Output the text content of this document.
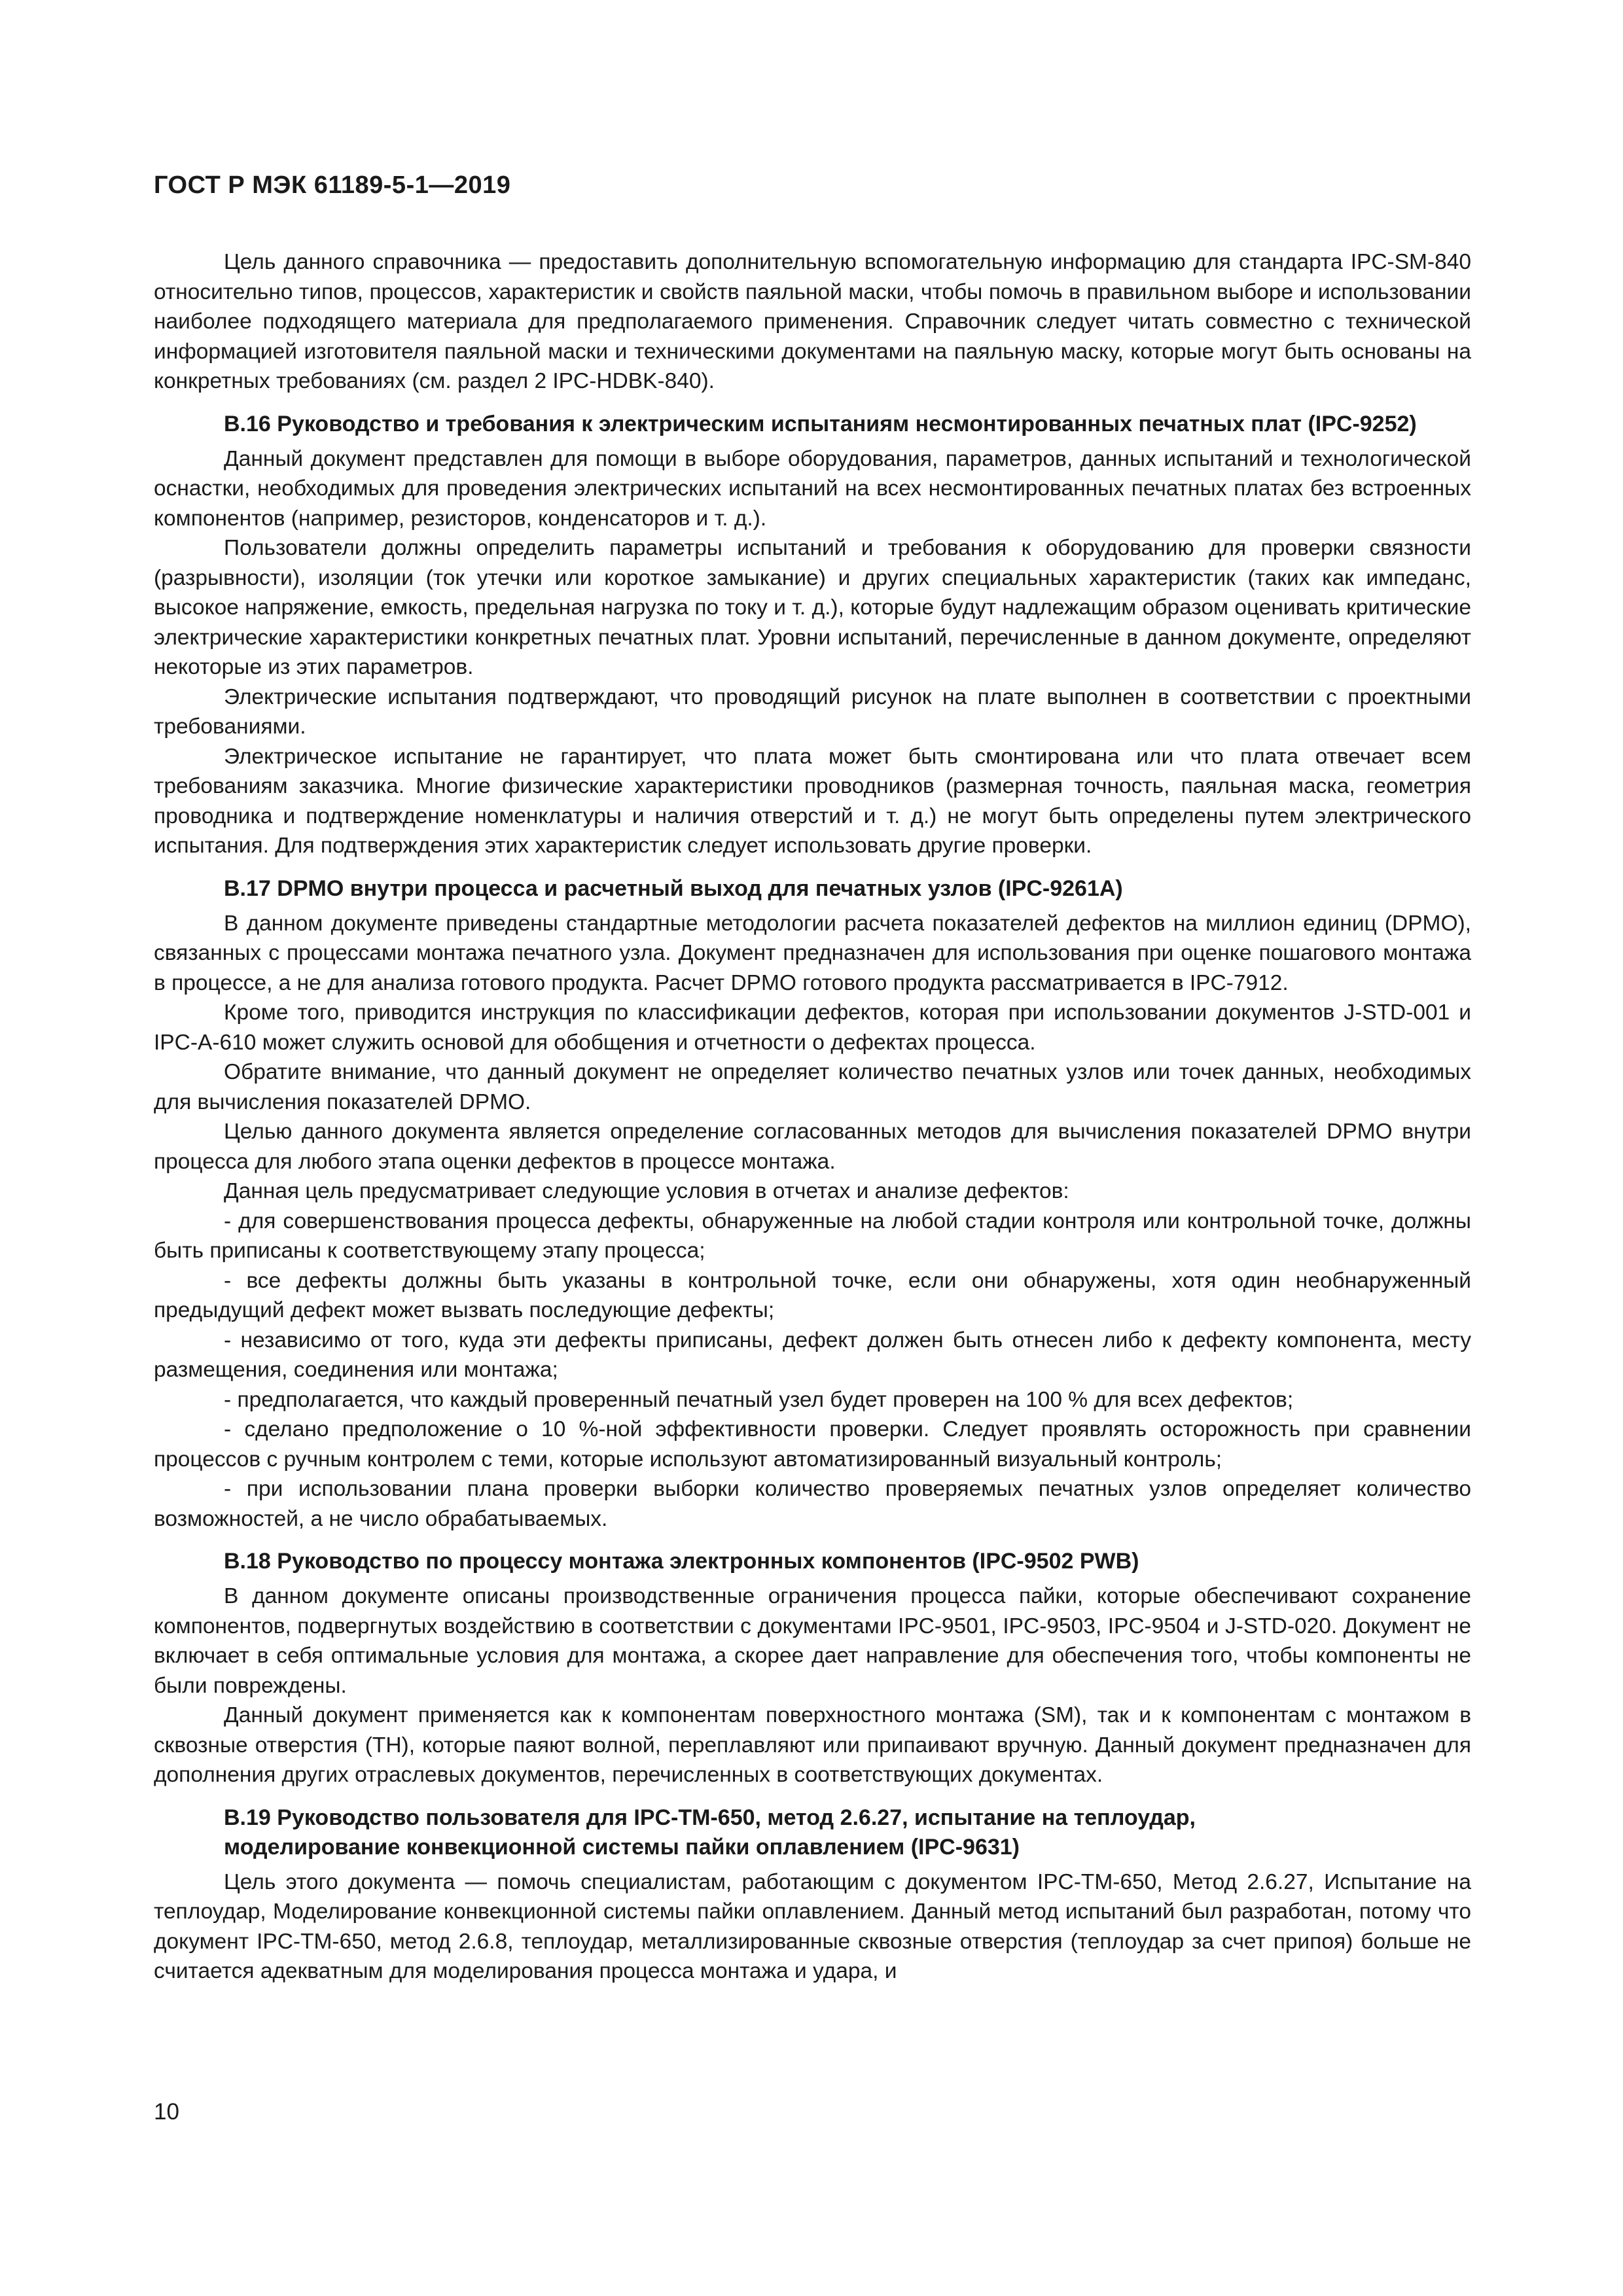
ГОСТ Р МЭК 61189-5-1—2019

Цель данного справочника — предоставить дополнительную вспомогательную информацию для стандарта IPC-SM-840 относительно типов, процессов, характеристик и свойств паяльной маски, чтобы помочь в правильном выборе и использовании наиболее подходящего материала для предполагаемого применения. Справочник следует читать совместно с технической информацией изготовителя паяльной маски и техническими документами на паяльную маску, которые могут быть основаны на конкретных требованиях (см. раздел 2 IPC-HDBK-840).

B.16 Руководство и требования к электрическим испытаниям несмонтированных печатных плат (IPC-9252)

Данный документ представлен для помощи в выборе оборудования, параметров, данных испытаний и технологической оснастки, необходимых для проведения электрических испытаний на всех несмонтированных печатных платах без встроенных компонентов (например, резисторов, конденсаторов и т. д.).

Пользователи должны определить параметры испытаний и требования к оборудованию для проверки связности (разрывности), изоляции (ток утечки или короткое замыкание) и других специальных характеристик (таких как импеданс, высокое напряжение, емкость, предельная нагрузка по току и т. д.), которые будут надлежащим образом оценивать критические электрические характеристики конкретных печатных плат. Уровни испытаний, перечисленные в данном документе, определяют некоторые из этих параметров.

Электрические испытания подтверждают, что проводящий рисунок на плате выполнен в соответствии с проектными требованиями.

Электрическое испытание не гарантирует, что плата может быть смонтирована или что плата отвечает всем требованиям заказчика. Многие физические характеристики проводников (размерная точность, паяльная маска, геометрия проводника и подтверждение номенклатуры и наличия отверстий и т. д.) не могут быть определены путем электрического испытания. Для подтверждения этих характеристик следует использовать другие проверки.

B.17 DPMO внутри процесса и расчетный выход для печатных узлов (IPC-9261A)

В данном документе приведены стандартные методологии расчета показателей дефектов на миллион единиц (DPMO), связанных с процессами монтажа печатного узла. Документ предназначен для использования при оценке пошагового монтажа в процессе, а не для анализа готового продукта. Расчет DPMO готового продукта рассматривается в IPC-7912.

Кроме того, приводится инструкция по классификации дефектов, которая при использовании документов J-STD-001 и IPC-A-610 может служить основой для обобщения и отчетности о дефектах процесса.

Обратите внимание, что данный документ не определяет количество печатных узлов или точек данных, необходимых для вычисления показателей DPMO.

Целью данного документа является определение согласованных методов для вычисления показателей DPMO внутри процесса для любого этапа оценки дефектов в процессе монтажа.

Данная цель предусматривает следующие условия в отчетах и анализе дефектов:

- для совершенствования процесса дефекты, обнаруженные на любой стадии контроля или контрольной точке, должны быть приписаны к соответствующему этапу процесса;

- все дефекты должны быть указаны в контрольной точке, если они обнаружены, хотя один необнаруженный предыдущий дефект может вызвать последующие дефекты;

- независимо от того, куда эти дефекты приписаны, дефект должен быть отнесен либо к дефекту компонента, месту размещения, соединения или монтажа;

- предполагается, что каждый проверенный печатный узел будет проверен на 100 % для всех дефектов;

- сделано предположение о 10 %-ной эффективности проверки. Следует проявлять осторожность при сравнении процессов с ручным контролем с теми, которые используют автоматизированный визуальный контроль;

- при использовании плана проверки выборки количество проверяемых печатных узлов определяет количество возможностей, а не число обрабатываемых.

B.18 Руководство по процессу монтажа электронных компонентов (IPC-9502 PWB)

В данном документе описаны производственные ограничения процесса пайки, которые обеспечивают сохранение компонентов, подвергнутых воздействию в соответствии с документами IPC-9501, IPC-9503, IPC-9504 и J-STD-020. Документ не включает в себя оптимальные условия для монтажа, а скорее дает направление для обеспечения того, чтобы компоненты не были повреждены.

Данный документ применяется как к компонентам поверхностного монтажа (SM), так и к компонентам с монтажом в сквозные отверстия (TH), которые паяют волной, переплавляют или припаивают вручную. Данный документ предназначен для дополнения других отраслевых документов, перечисленных в соответствующих документах.

B.19 Руководство пользователя для IPC-TM-650, метод 2.6.27, испытание на теплоудар,
моделирование конвекционной системы пайки оплавлением (IPC-9631)

Цель этого документа — помочь специалистам, работающим с документом IPC-TM-650, Метод 2.6.27, Испытание на теплоудар, Моделирование конвекционной системы пайки оплавлением. Данный метод испытаний был разработан, потому что документ IPC-TM-650, метод 2.6.8, теплоудар, металлизированные сквозные отверстия (теплоудар за счет припоя) больше не считается адекватным для моделирования процесса монтажа и удара, и

10
